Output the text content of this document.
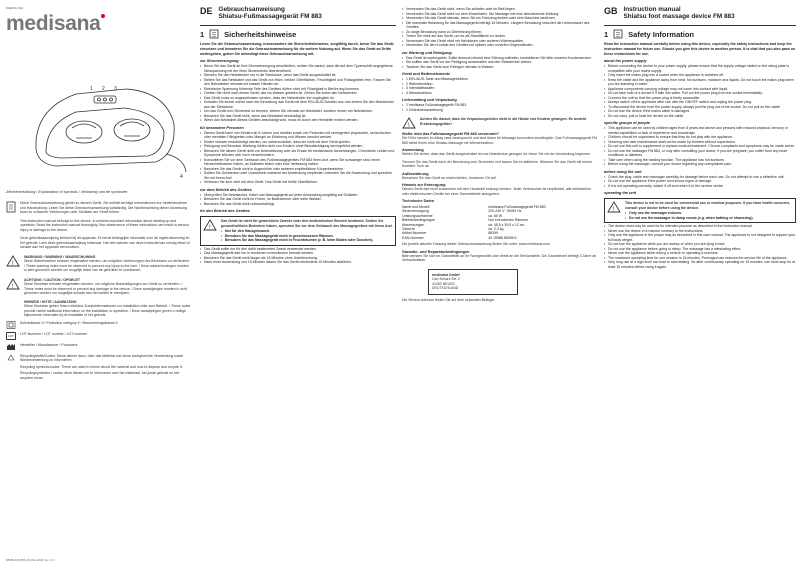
MEDISANA
medisana
1 2 3
4
Zeichenerklärung / Explanation of symbols / Verklaring van de symbolen
Diese Gebrauchsanweisung gehört zu diesem Gerät. Sie enthält wichtige Informationen zur Inbetriebnahme und Handhabung. Lesen Sie diese Gebrauchsanweisung vollständig. Die Nichtbeachtung dieser Anweisung kann zu schweren Verletzungen oder Schäden am Gerät führen.
This instruction manual belongs to this device. It contains important information about starting up and operation. Read the instruction manual thoroughly. Non-observance of these instructions can result in serious injury or damage to the device.
Deze gebruiksaanwijzing behoort bij dit apparaat. Ze bevat belangrijke informatie over de ingebruikneming en het gebruik. Lees deze gebruiksaanwijzing helemaal. Het niet naleven van deze instructie kan ernstig letsel of schade aan het apparaat veroorzaken.
!
WARNUNG / WARNING / WAARSCHUWING
Diese Warnhinweise müssen eingehalten werden, um mögliche Verletzungen des Benutzers zu verhindern. / These warning notes must be observed to prevent any injury to the user. / Deze waarschuwingen moeten in acht genomen worden om mogelijk letsel van de gebruiker te voorkomen.
!
ACHTUNG / CAUTION / OPGELET
Diese Hinweise müssen eingehalten werden, um mögliche Beschädigungen am Gerät zu verhindern. / These notes must be observed to prevent any damage to the device. / Deze aanwijzingen moeten in acht genomen worden om mogelijke schade aan het toestel te vermijden.
HINWEIS / NOTE / AANWIJZING
Diese Hinweise geben Ihnen nützliche Zusatzinformationen zur Installation oder zum Betrieb. / These notes provide useful additional information on the installation or operation. / Deze aanwijzingen geven u nuttige bijkomende informatie bij de installatie of het gebruik.
Schutzklasse II / Protection category II / Beschermingsklasse II
LOT	LOT-Nummer / LOT number / LOT-nummer
Hersteller / Manufacturer / Producent
Recyclingstoffe/Codes: Diese dienen dazu, über das Material und seine sachgerechte Verwendung sowie Wiederverwertung zu informieren.
Recycling symbols/codes: These are used to inform about the material and how to dispose and recycle it.
Recyclingsymbolen / codes: deze dienen om te informeren over het materiaal, het juiste gebruik en het recyclen ervan.
88399 FM 883 15-Mar-2024 Ver. 2.1
DE Gebrauchsanweisung
Shiatsu-Fußmassagegerät FM 883
1	Sicherheitshinweise
Lesen Sie die Gebrauchsanweisung, insbesondere die Sicherheitshinweise, sorgfältig durch, bevor Sie das Gerät einsetzen und bewahren Sie die Gebrauchsanweisung für die weitere Nutzung auf. Wenn Sie das Gerät an Dritte weitergeben, geben Sie unbedingt diese Gebrauchsanweisung mit.
zur Stromversorgung
• Bevor Sie das Gerät an Ihre Stromversorgung anschließen, achten Sie darauf, dass die auf dem Typenschild angegebene Netzspannung mit der Ihres Stromnetzes übereinstimmt.
• Stecken Sie den Netzstecker nur in die Steckdose, wenn das Gerät ausgeschaltet ist.
• Stellen Sie das Netzkabel und das Gerät von Hitze, heißen Oberflächen, Feuchtigkeit und Flüssigkeiten fern. Fassen Sie den Netzstecker niemals mit nassen Händen an.
• Elektrische Spannung führende Teile des Gerätes dürfen nicht mit Flüssigkeit in Berührung kommen.
• Greifen Sie nicht nach einem Gerät, das ins Wasser gefallen ist. Ziehen Sie sofort den Netzstecker.
• Das Gerät muss so angeschlossen werden, dass der Netzstecker frei zugänglich ist.
• Schalten Sie immer zuerst nach der Benutzung das Gerät mit dem EIN-/AUS-Schalter aus und ziehen Sie den Netzstecker aus der Steckdose.
• Um das Gerät vom Stromnetz zu trennen, ziehen Sie niemals am Netzkabel, sondern immer am Netzstecker.
• Benutzen Sie das Gerät nicht, wenn das Netzkabel beschädigt ist.
• Wenn das Netzkabel dieses Gerätes beschädigt wird, muss es durch den Hersteller ersetzt werden.
für besondere Personen
• Dieses Gerät kann von Kindern ab 8 Jahren und darüber sowie von Personen mit verringerten physischen, sensorischen oder mentalen Fähigkeiten oder Mangel an Erfahrung und Wissen benutzt werden.
• Kinder müssen beaufsichtigt werden, um sicherzustellen, dass sie nicht mit dem Gerät spielen.
• Reinigung und Benutzer-Wartung dürfen nicht von Kindern ohne Beaufsichtigung durchgeführt werden.
• Benutzen Sie dieses Gerät nicht zur Unterstützung oder als Ersatz für medizinische Anwendungen. Chronische Leiden und Symptome könnten sich noch verschlechtern.
• Konsultieren Sie vor dem Gebrauch des Fußmassagegerätes FM 883 Ihren Arzt, wenn Sie schwanger sind, einen Herzschrittmacher haben, an Diabetes leiden oder eine Verletzung haben.
• Benutzen Sie das Gerät nicht in Augenhöhe oder anderen empfindlichen Körperbereichen.
• Sollten Sie Schmerzen oder Unwohlsein während der Anwendung empfinden, beenden Sie die Anwendung und sprechen Sie mit Ihrem Arzt.
• Verletzen Sie sich nicht mit dem Gerät. Das Gerät hat heiße Oberflächen.
vor dem Betrieb des Gerätes
• Überprüfen Sie Netzstecker, Kabel und Massagegerät vor jeder Anwendung sorgfältig auf Schäden.
• Benutzen Sie das Gerät nicht im Freien, im Badezimmer oder nahe Wasser.
• Benutzen Sie das Gerät nicht unbeaufsichtigt.
für den Betrieb des Gerätes
!
Das Gerät ist nicht für gewerbliche Zwecke oder den medizinischen Bereich bestimmt. Sollten Sie gesundheitliche Bedenken haben, sprechen Sie vor dem Gebrauch des Massagegerätes mit Ihrem Arzt.
• Nur für den Hausgebrauch.
• Benutzen Sie das Massagegerät nicht in geschlossenen Räumen.
• Benutzen Sie das Massagegerät nicht in Feuchträumen (z. B. beim Baden oder Duschen).
• Das Gerät sollte nur für den dafür bestimmten Zweck verwendet werden.
• Das Massagegerät darf nur in trockenen Innenräumen benutzt werden.
• Benutzen Sie das Gerät nicht länger als 15 Minuten ohne Unterbrechung.
• Nach einer Anwendung von 15 Minuten lassen Sie das Gerät mindestens 15 Minuten abkühlen.
• Verwenden Sie das Gerät nicht, wenn Sie schlafen oder im Bett liegen.
• Verwenden Sie das Gerät nicht vor dem Einschlafen. Die Massage hat eine stimulierende Wirkung.
• Verwenden Sie das Gerät niemals, wenn Sie ein Fahrzeug lenken oder eine Maschine bedienen.
• Die maximale Belastung für das Massagegerät beträgt 15 Minuten. Längere Benutzung reduziert die Lebensdauer des Gerätes.
• Zu lange Benutzung kann zu Überhitzung führen.
• Treten Sie nicht auf das Gerät, um es als Standfläche zu nutzen.
• Verwenden Sie das Gerät nicht mit Heizkissen oder anderen Wärmequellen.
• Vermeiden Sie den Kontakt des Gerätes mit spitzen oder scharfen Gegenständen.
zur Wartung und Reinigung
• Das Gerät ist wartungsfrei. Sollte dennoch einmal eine Störung auftreten, kontaktieren Sie bitte unseren Kundenservice.
• Sie sollten das Gerät vor der Reinigung ausschalten und den Netzstecker ziehen.
• Tauchen Sie das Gerät zum Reinigen niemals in Wasser.
Gerät und Bedienelemente
• 1 EIN-/AUS-Taste und Massagefunktion
• 2 Wärmefunktion
• 3 Intensitätsstufen
• 4 Netzanschluss
Lieferumfang und Verpackung
• 1 medisana Fußmassagegerät FM 883
• 1 Gebrauchsanweisung
!
Achten Sie darauf, dass die Verpackungsfolien nicht in die Hände von Kindern gelangen. Es besteht Erstickungsgefahr!
Wofür wird das Fußmassagegerät FM 883 verwendet?
Die Füße werden im Alltag stark beansprucht und sind daher für Massage besonders empfänglich. Das Fußmassagegerät FM 883 bietet Ihnen eine Shiatsu-Massage mit Wärmefunktion.
Anwendung
Stellen Sie sicher, dass das Gerät ausgeschaltet ist und Netzstecker gezogen ist, bevor Sie mit der Anwendung beginnen.
Trennen Sie das Gerät nach der Benutzung vom Stromnetz und lassen Sie es abkühlen. Wischen Sie das Gerät mit einem feuchten Tuch ab.
Aufbewahrung
Bewahren Sie das Gerät an einem kühlen, trockenen Ort auf.
Hinweis zur Entsorgung
Dieses Gerät darf nicht zusammen mit dem Hausmüll entsorgt werden. Jeder Verbraucher ist verpflichtet, alle elektrischen oder elektronischen Geräte bei einer Sammelstelle abzugeben.
Technische Daten
Name und Modell	medisana Fußmassagegerät FM 883
Stromversorgung	220-240 V~ 50/60 Hz
Leistungsaufnahme	ca. 60 W
Betriebsbedingungen	Nur in trockenen Räumen
Abmessungen	ca. 45,5 x 39,5 x 12 cm
Gewicht	ca. 2,3 kg
Artikel-Nummer	88399
EAN-Nummer	40 15588 88399 6
Die jeweils aktuelle Fassung dieser Gebrauchsanweisung finden Sie unter: www.medisana.com
Garantie- und Reparaturbedingungen
Bitte wenden Sie sich im Garantiefall an Ihr Fachgeschäft oder direkt an die Servicestelle. Die Garantiezeit beträgt 3 Jahre ab Verkaufsdatum.
medisana GmbH
Carl-Schurz-Str. 2
41453 NEUSS
DEUTSCHLAND
Die Service-Adresse finden Sie auf dem separaten Beileger.
GB Instruction manual
Shiatsu foot massage device FM 883
1	Safety Information
Read the instruction manual carefully before using this device, especially the safety instructions and keep the instruction manual for future use. Should you give this device to another person, it is vital that you also pass on these instructions for use.
about the power supply
• Before connecting the device to your power supply, please ensure that the supply voltage stated on the rating plate is compatible with your mains supply.
• Only insert the mains plug into a socket when the appliance is switched off.
• Keep the cable and the appliance away from heat, hot surfaces, moisture and liquids. Do not touch the mains plug when you are standing in water.
• Appliance components carrying voltage may not come into contact with liquid.
• Do not take hold of a device if it falls into water. Pull out the power plug from the socket immediately.
• Connect the unit so that the power plug is freely accessible.
• Always switch off the appliance after use with the ON/OFF switch and unplug the power plug.
• To disconnect the device from the power supply, always pull the plug out of the socket. Do not pull on the cable!
• Do not use the device if the mains cable is damaged.
• Do not carry, pull or twist the device on the cable.
specific groups of people
• This appliance can be used by children aged from 8 years and above and persons with reduced physical, sensory or mental capabilities or lack of experience and knowledge.
• Children should be supervised to ensure that they do not play with the appliance.
• Cleaning and user maintenance shall not be made by children without supervision.
• Do not use this unit to supplement or replace medical treatment. Chronic complaints and symptoms may be made worse.
• Do not use the massager FM 883, or only after consulting your doctor, if you are pregnant, you suffer from any heart conditions or diabetes.
• Take care when using the heating function. The appliance has hot surfaces.
• Before using the massager, consult your doctor regarding any unexplained pain.
before using the unit
• Check the plug, cable and massager carefully for damage before each use. Do not attempt to use a defective unit.
• Do not use the appliance if the power cord shows signs of damage.
• If it is not operating correctly, switch it off and return it to the service centre.
operating the unit
!
This device is not to be used for commercial use or medical purposes. If you have health concerns, consult your doctor before using the device.
• Only use the massager indoors.
• Do not use the massager in damp rooms (e.g. when bathing or showering).
• The device must only be used for its intended purpose as described in the instruction manual.
• Never use the device in a manner contrary to the instructions.
• Only use the appliance in the proper way as described in this user manual. The appliance is not designed to support your full body weight.
• Do not use the appliance while you are asleep or when you are lying in bed.
• Do not use the appliance before going to sleep. The massage has a stimulating effect.
• Never use the appliance while driving a vehicle or operating a machine.
• The maximum operating time for one session is 15 minutes. Prolonged use reduces the service life of the appliance.
• Very long use at a high level can lead to overheating. So after continuously operating for 15 minutes, use must stop for at least 15 minutes before using it again.
